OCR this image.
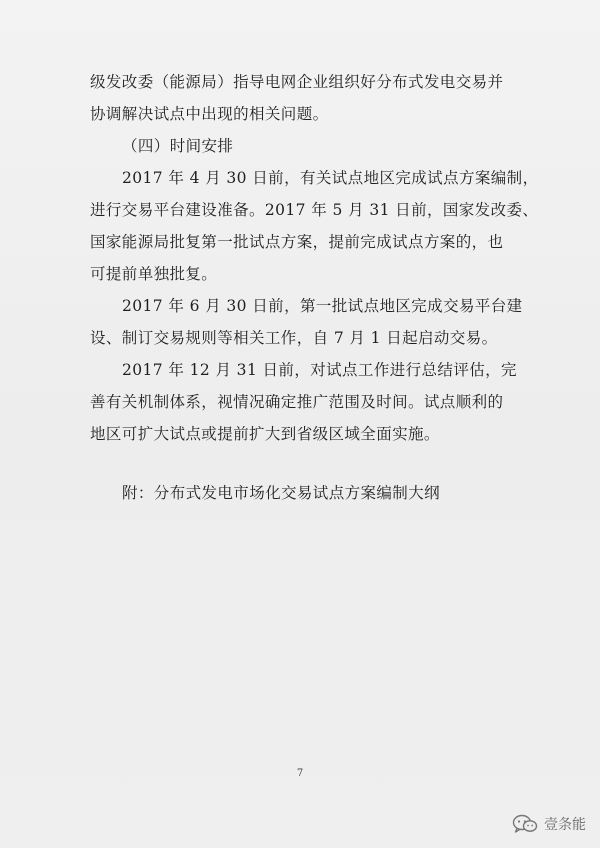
级发改委（能源局）指导电网企业组织好分布式发电交易并
协调解决试点中出现的相关问题。
（四）时间安排
2017 年 4 月 30 日前，有关试点地区完成试点方案编制，
进行交易平台建设准备。2017 年 5 月 31 日前，国家发改委、
国家能源局批复第一批试点方案，提前完成试点方案的，也
可提前单独批复。
2017 年 6 月 30 日前，第一批试点地区完成交易平台建
设、制订交易规则等相关工作，自 7 月 1 日起启动交易。
2017 年 12 月 31 日前，对试点工作进行总结评估，完
善有关机制体系，视情况确定推广范围及时间。试点顺利的
地区可扩大试点或提前扩大到省级区域全面实施。
附：分布式发电市场化交易试点方案编制大纲
7
壹条能
